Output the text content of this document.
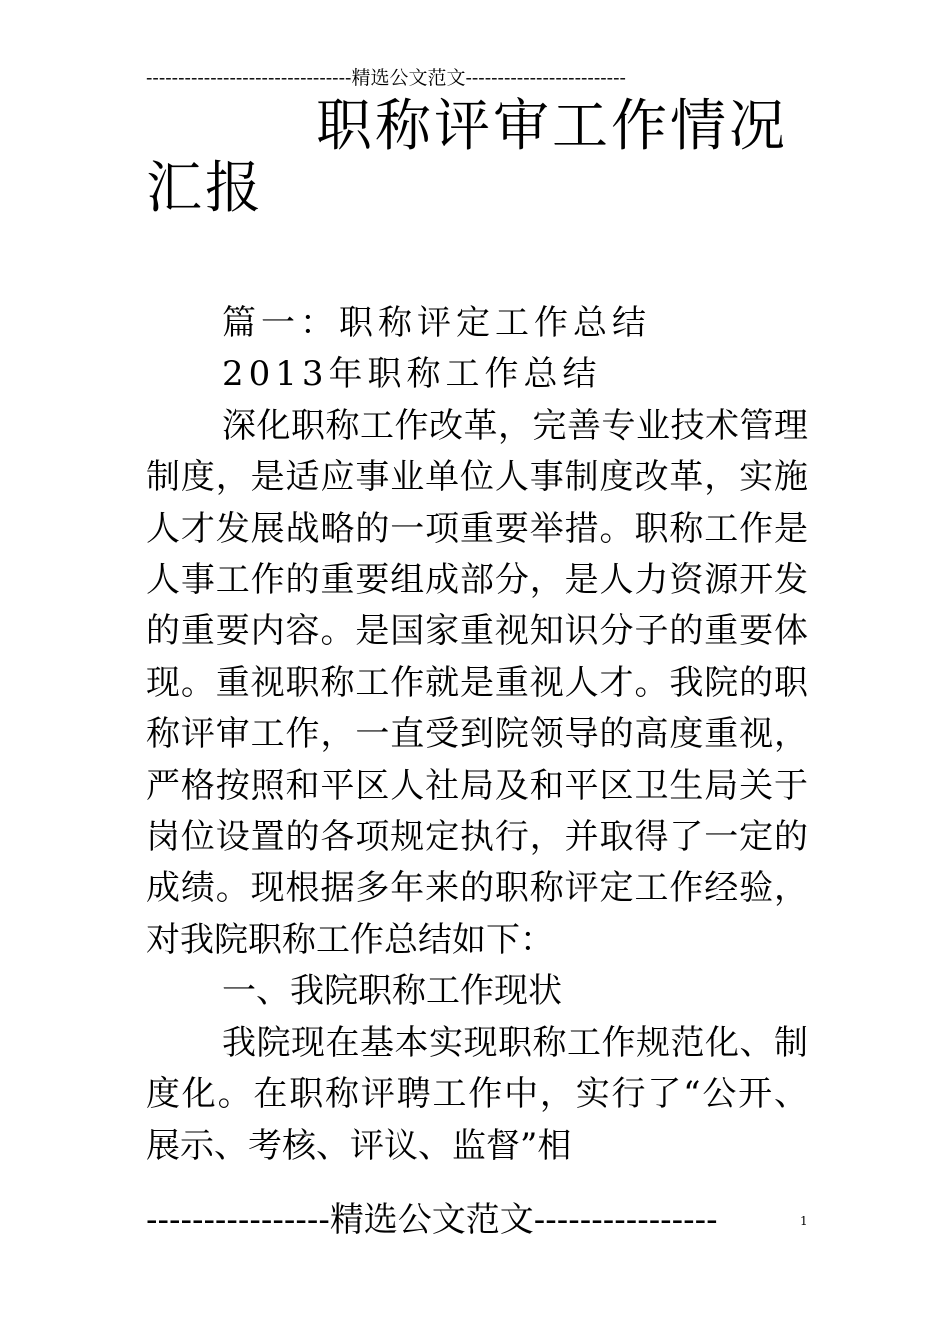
--------------------------------精选公文范文-------------------------
职称评审工作情况
汇报

篇一：职称评定工作总结

2013年职称工作总结

深化职称工作改革，完善专业技术管理制度，是适应事业单位人事制度改革，实施人才发展战略的一项重要举措。职称工作是人事工作的重要组成部分，是人力资源开发的重要内容。是国家重视知识分子的重要体现。重视职称工作就是重视人才。我院的职称评审工作，一直受到院领导的高度重视，严格按照和平区人社局及和平区卫生局关于岗位设置的各项规定执行，并取得了一定的成绩。现根据多年来的职称评定工作经验，对我院职称工作总结如下：

一、我院职称工作现状

我院现在基本实现职称工作规范化、制度化。在职称评聘工作中，实行了“公开、展示、考核、评议、监督”相

----------------精选公文范文----------------	1
